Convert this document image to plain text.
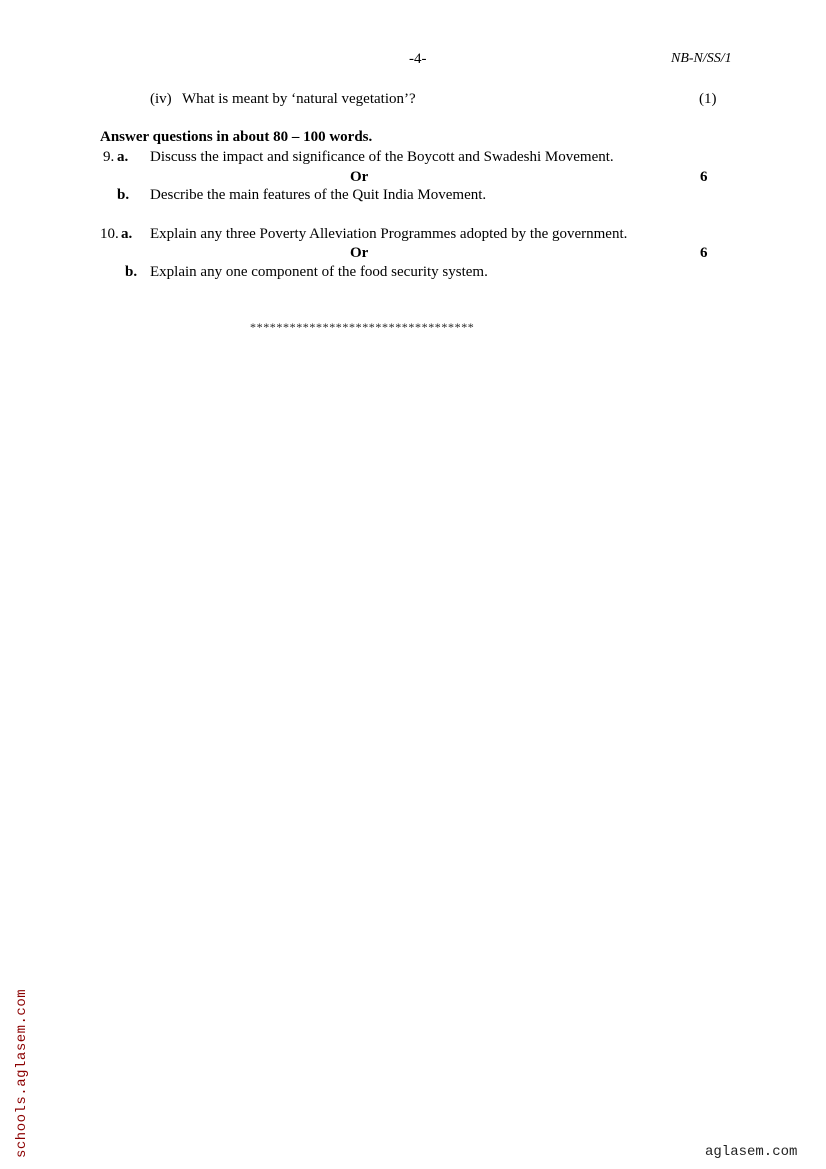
-4-	NB-N/SS/1
(iv) What is meant by ‘natural vegetation’?	(1)
Answer questions in about 80 – 100 words.
9. a. Discuss the impact and significance of the Boycott and Swadeshi Movement.
Or	6
b. Describe the main features of the Quit India Movement.
10. a. Explain any three Poverty Alleviation Programmes adopted by the government.
Or	6
b. Explain any one component of the food security system.
**********************************
schools.aglasem.com	aglasem.com
